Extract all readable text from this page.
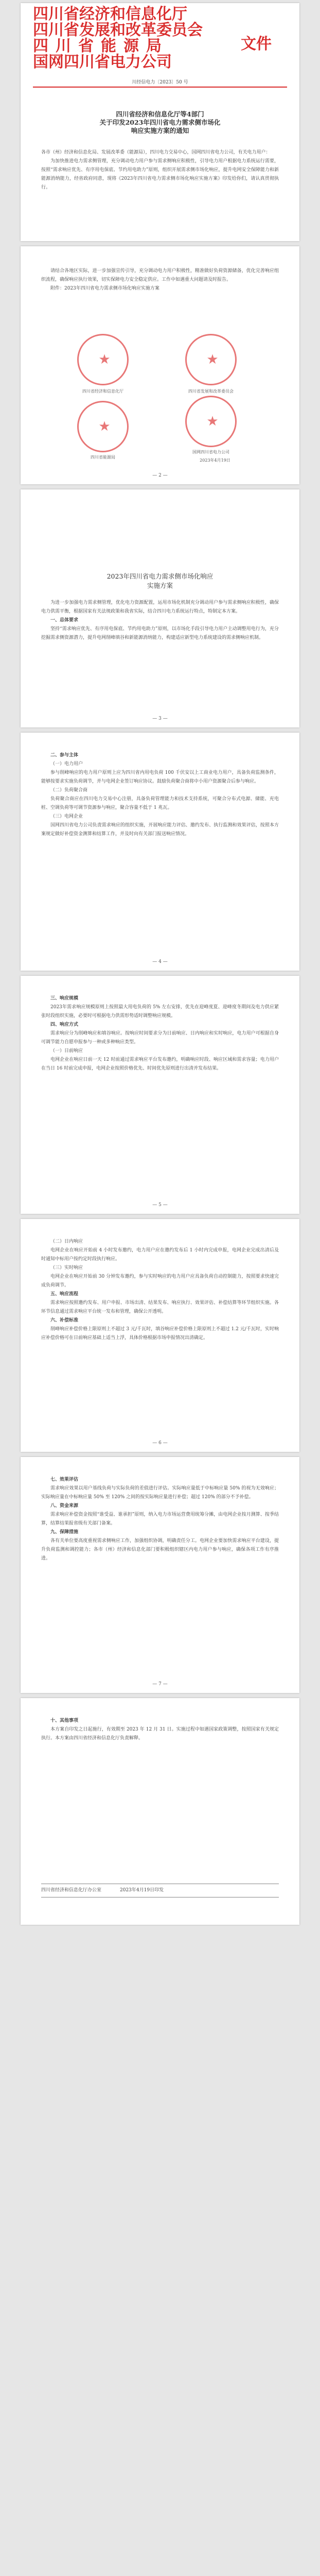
四川省经济和信息化厅
四川省发展和改革委员会
四川省能源局
国网四川省电力公司
文件
川经信电力〔2023〕50 号
四川省经济和信息化厅等4部门
关于印发2023年四川省电力需求侧市场化
响应实施方案的通知

各市（州）经济和信息化局、发展改革委（能源局），四川电力交易中心，国网四川省电力公司，有关电力用户：

为加快推进电力需求侧管理，充分调动电力用户参与需求侧响应积极性，引导电力用户根据电力系统运行需要，按照“需求响应优先、有序用电保底、节约用电助力”原则，组织开展需求侧市场化响应，提升电网安全保障能力和新能源消纳能力，经省政府同意，现将《2023年四川省电力需求侧市场化响应实施方案》印发给你们，请认真贯彻执行。

请结合各地区实际，进一步加强宣传引导，充分调动电力用户积极性，精准做好负荷资源储备，优化完善响应组织流程，确保响应执行效果，切实保障电力安全稳定供应。工作中如遇重大问题请及时报告。

附件：2023年四川省电力需求侧市场化响应实施方案

★
四川省经济和信息化厅
★
四川省发展和改革委员会
★
四川省能源局
★
国网四川省电力公司
2023年4月19日
— 2 —
2023年四川省电力需求侧市场化响应
实施方案

为进一步加强电力需求侧管理，优化电力资源配置，运用市场化机制充分调动用户参与需求侧响应积极性，确保电力供需平衡，根据国家有关法规政策和我省实际，结合四川电力系统运行特点，特制定本方案。

一、总体要求

坚持“需求响应优先、有序用电保底、节约用电助力”原则，以市场化手段引导电力用户主动调整用电行为，充分挖掘需求侧资源潜力，提升电网削峰填谷和新能源消纳能力，构建适应新型电力系统建设的需求侧响应机制。

— 3 —

二、参与主体

（一）电力用户

参与削峰响应的电力用户原则上应为四川省内用电负荷 100 千伏安以上工商业电力用户，具备负荷监测条件，能够按要求实施负荷调节，并与电网企业签订响应协议。鼓励负荷聚合商将中小用户资源聚合后参与响应。

（二）负荷聚合商

负荷聚合商应在四川电力交易中心注册，具备负荷管理能力和技术支持系统，可聚合分布式电源、储能、充电桩、空调负荷等可调节资源参与响应，聚合容量不低于 1 兆瓦。

（三）电网企业

国网四川省电力公司负责需求响应的组织实施，开展响应能力评估、邀约发布、执行监测和效果评估，按照本方案规定做好补偿资金测算和结算工作，并及时向有关部门报送响应情况。

— 4 —

三、响应规模

2023年需求响应规模原则上按照最大用电负荷的 5% 左右安排，优先在迎峰度夏、迎峰度冬期间及电力供应紧张时段组织实施，必要时可根据电力供需形势适时调整响应规模。

四、响应方式

需求响应分为削峰响应和填谷响应。按响应时间要求分为日前响应、日内响应和实时响应，电力用户可根据自身可调节能力自愿申报参与一种或多种响应类型。

（一）日前响应

电网企业在响应日前一天 12 时前通过需求响应平台发布邀约，明确响应时段、响应区域和需求容量；电力用户在当日 16 时前完成申报，电网企业按照价格优先、时间优先原则进行出清并发布结果。

— 5 —

（二）日内响应

电网企业在响应开始前 4 小时发布邀约，电力用户应在邀约发布后 1 小时内完成申报，电网企业完成出清后及时通知中标用户按约定时段执行响应。

（三）实时响应

电网企业在响应开始前 30 分钟发布邀约，参与实时响应的电力用户应具备负荷自动控制能力，按照要求快速完成负荷调节。

五、响应流程

需求响应按照邀约发布、用户申报、市场出清、结果发布、响应执行、效果评估、补偿结算等环节组织实施。各环节信息通过需求响应平台统一发布和管理，确保公开透明。

六、补偿标准

削峰响应补偿价格上限原则上不超过 3 元/千瓦时，填谷响应补偿价格上限原则上不超过 1.2 元/千瓦时，实时响应补偿价格可在日前响应基础上适当上浮，具体价格根据市场申报情况出清确定。

— 6 —

七、效果评估

需求响应效果以用户基线负荷与实际负荷的差值进行评估。实际响应量低于中标响应量 50% 的视为无效响应；实际响应量在中标响应量 50% 至 120% 之间的按实际响应量进行补偿；超过 120% 的部分不予补偿。

八、资金来源

需求响应补偿资金按照“谁受益、谁承担”原则，纳入电力市场运营费用统筹分摊，由电网企业按月测算、按季结算，结算结果报省级有关部门备案。

九、保障措施

各有关单位要高度重视需求侧响应工作，加强组织协调，明确责任分工。电网企业要加快需求响应平台建设，提升负荷监测和调控能力；各市（州）经济和信息化部门要积极组织辖区内电力用户参与响应，确保各项工作有序推进。

— 7 —

十、其他事项

本方案自印发之日起施行，有效期至 2023 年 12 月 31 日。实施过程中如遇国家政策调整，按照国家有关规定执行。本方案由四川省经济和信息化厅负责解释。

四川省经济和信息化厅办公室　　　　2023年4月19日印发
